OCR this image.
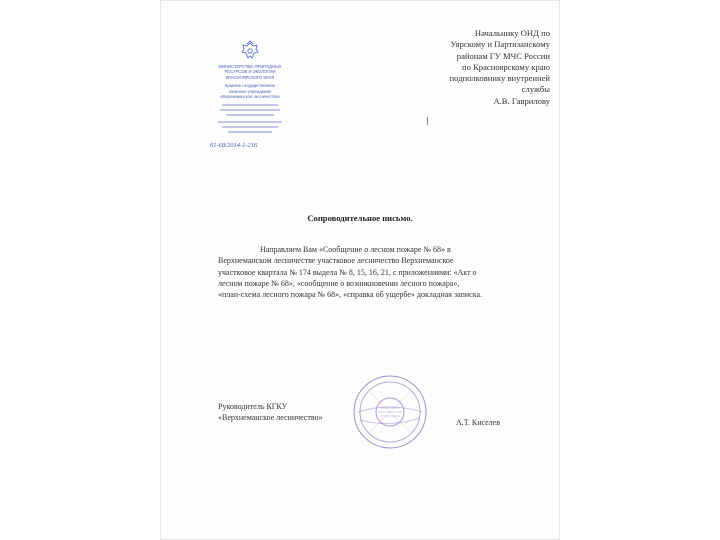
МИНИСТЕРСТВО ПРИРОДНЫХ
РЕСУРСОВ И ЭКОЛОГИИ
КРАСНОЯРСКОГО КРАЯ
Краевое государственное
казенное учреждение
«Верхнеманское лесничество»
61-68/2014-1-216
Начальнику ОНД по
Уярскому и Партизанскому
районам ГУ МЧС России
по Красноярскому краю
подполковнику внутренней
службы
А.В. Гаврилову
Сопроводительное письмо.
Направляем Вам «Сообщение о лесном пожаре № 68» в
Верхнеманском лесничестве участковое лесничество Верхнеманское
участковое квартала № 174 выдела № 8, 15, 16, 21, с приложениями: «Акт о
лесном пожаре № 68», «сообщение о возникновении лесного пожара»,
«план-схема лесного пожара № 68», «справка об ущербе» докладная записка.
Руководитель КГКУ
«Верхнеманское лесничество»
А.Т. Киселев
